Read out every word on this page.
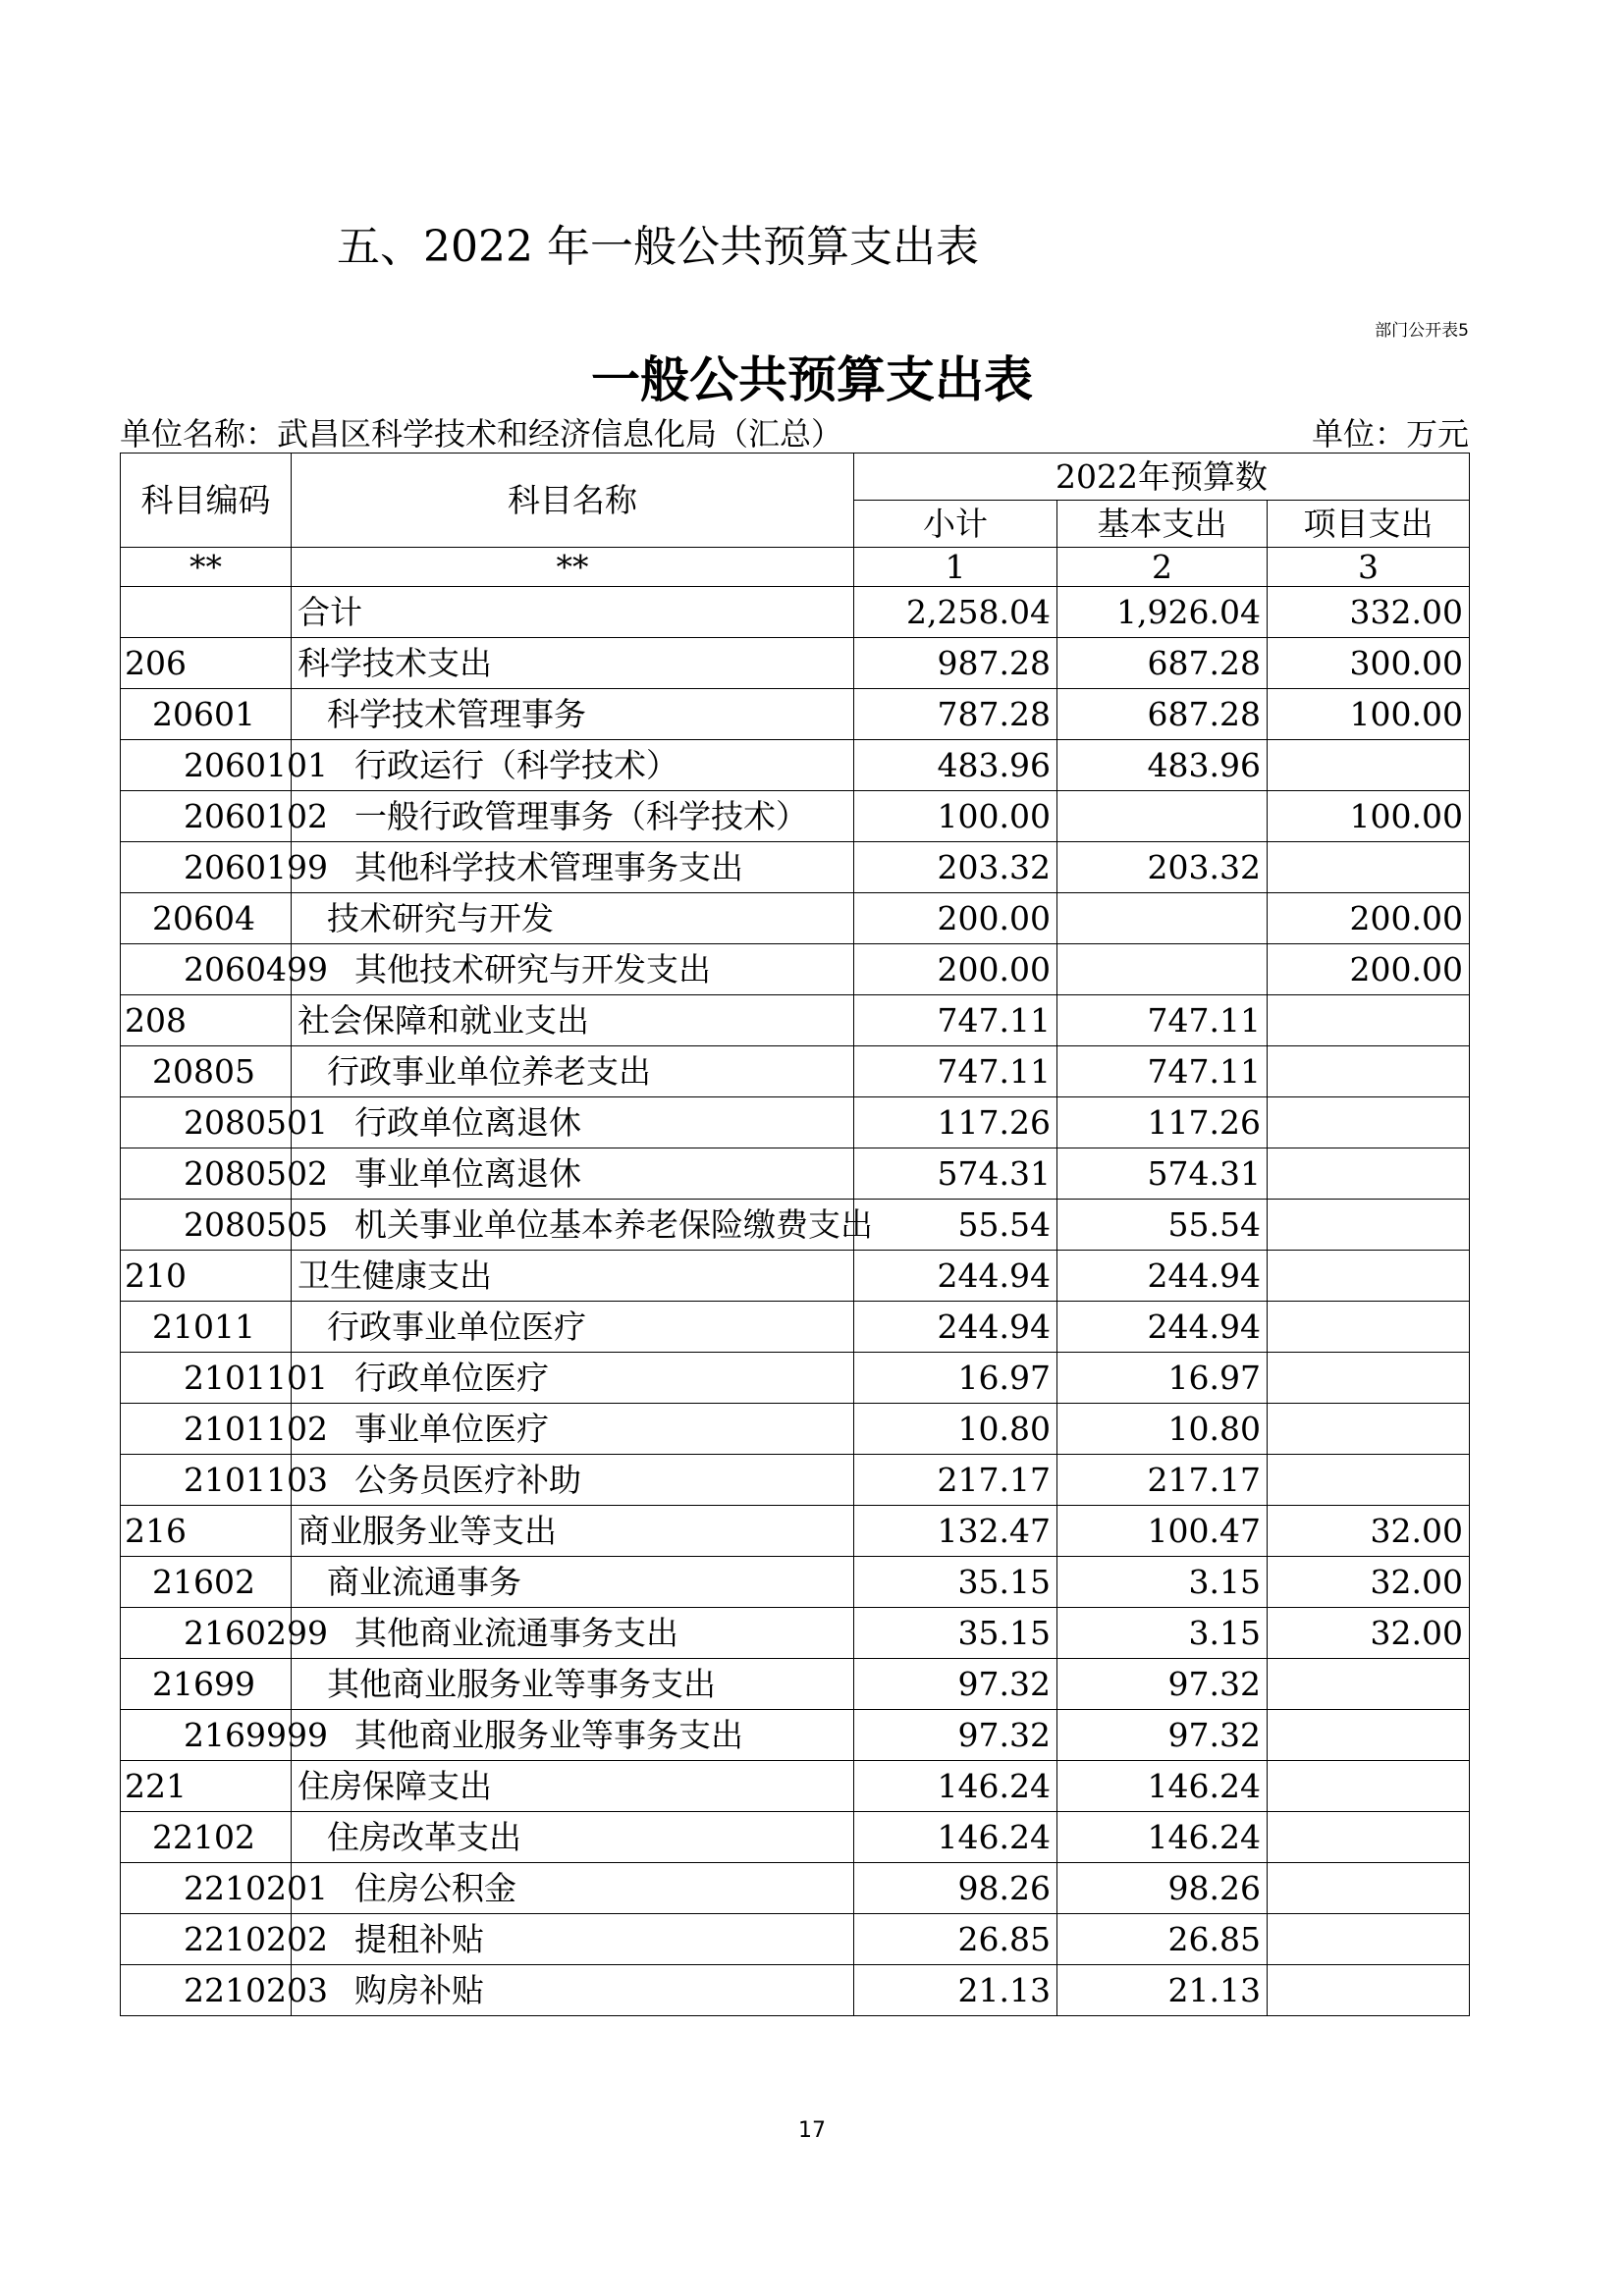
五、2022 年一般公共预算支出表
部门公开表5
一般公共预算支出表
单位名称：武昌区科学技术和经济信息化局（汇总）	单位：万元
科目编码	科目名称	2022年预算数		
		小计	基本支出	项目支出
**	**	1	2	3
	合计	2,258.04	1,926.04	332.00
206	科学技术支出	987.28	687.28	300.00
20601	科学技术管理事务	787.28	687.28	100.00
2060101	行政运行（科学技术）	483.96	483.96	
2060102	一般行政管理事务（科学技术）	100.00		100.00
2060199	其他科学技术管理事务支出	203.32	203.32	
20604	技术研究与开发	200.00		200.00
2060499	其他技术研究与开发支出	200.00		200.00
208	社会保障和就业支出	747.11	747.11	
20805	行政事业单位养老支出	747.11	747.11	
2080501	行政单位离退休	117.26	117.26	
2080502	事业单位离退休	574.31	574.31	
2080505	机关事业单位基本养老保险缴费支出	55.54	55.54	
210	卫生健康支出	244.94	244.94	
21011	行政事业单位医疗	244.94	244.94	
2101101	行政单位医疗	16.97	16.97	
2101102	事业单位医疗	10.80	10.80	
2101103	公务员医疗补助	217.17	217.17	
216	商业服务业等支出	132.47	100.47	32.00
21602	商业流通事务	35.15	3.15	32.00
2160299	其他商业流通事务支出	35.15	3.15	32.00
21699	其他商业服务业等事务支出	97.32	97.32	
2169999	其他商业服务业等事务支出	97.32	97.32	
221	住房保障支出	146.24	146.24	
22102	住房改革支出	146.24	146.24	
2210201	住房公积金	98.26	98.26	
2210202	提租补贴	26.85	26.85	
2210203	购房补贴	21.13	21.13	
17
